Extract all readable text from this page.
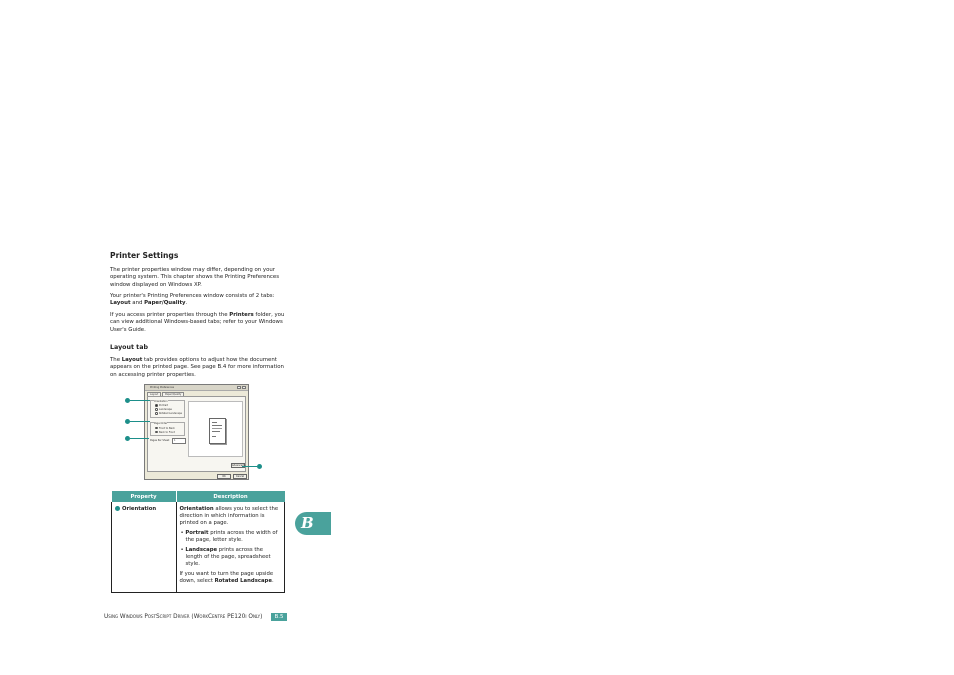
Printer Settings

The printer properties window may differ, depending on your operating system. This chapter shows the Printing Preferences window displayed on Windows XP.

Your printer's Printing Preferences window consists of 2 tabs: Layout and Paper/Quality.

If you access printer properties through the Printers folder, you can view additional Windows-based tabs; refer to your Windows User's Guide.

Layout tab

The Layout tab provides options to adjust how the document appears on the printed page. See page B.4 for more information on accessing printer properties.

Printing Preferences
Layout	Paper/Quality
Orientation
Portrait
Landscape
Rotated Landscape
Page Order
Front to Back
Back to Front
Pages Per Sheet	1
Advanced...
OK	Cancel
Property	Description
Orientation	Orientation allows you to select the direction in which information is printed on a page.

• Portrait prints across the width of the page, letter style.

• Landscape prints across the length of the page, spreadsheet style.

If you want to turn the page upside down, select Rotated Landscape.

B
Using Windows PostScript Driver (WorkCentre PE120i Only)	B.5
